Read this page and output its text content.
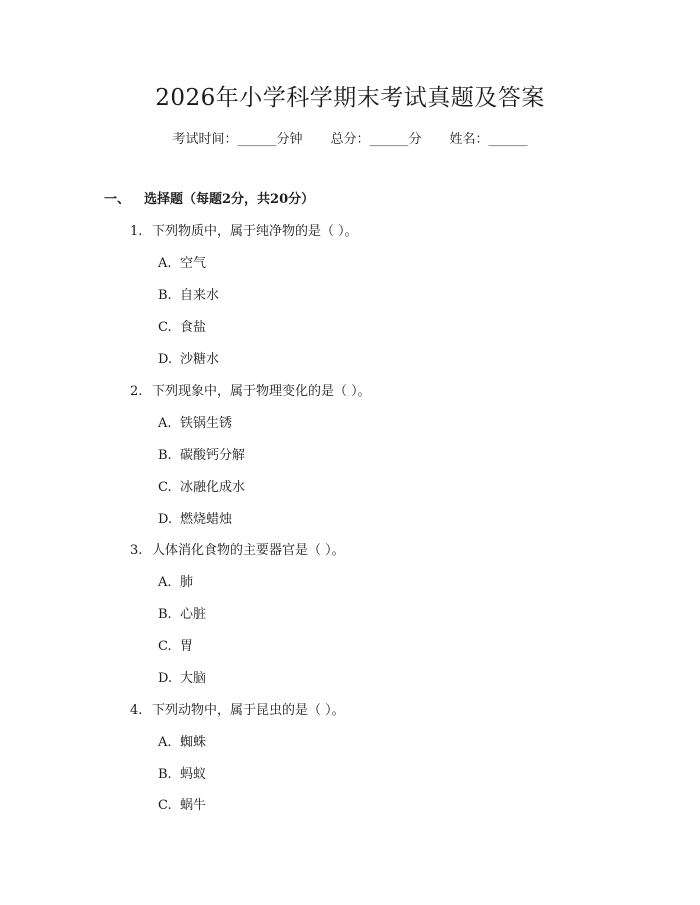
2026年小学科学期末考试真题及答案
考试时间：______分钟 总分：______分 姓名：______
一、 选择题（每题2分，共20分）
1. 下列物质中，属于纯净物的是（ ）。
A. 空气
B. 自来水
C. 食盐
D. 沙糖水
2. 下列现象中，属于物理变化的是（ ）。
A. 铁锅生锈
B. 碳酸钙分解
C. 冰融化成水
D. 燃烧蜡烛
3. 人体消化食物的主要器官是（ ）。
A. 肺
B. 心脏
C. 胃
D. 大脑
4. 下列动物中，属于昆虫的是（ ）。
A. 蜘蛛
B. 蚂蚁
C. 蜗牛
